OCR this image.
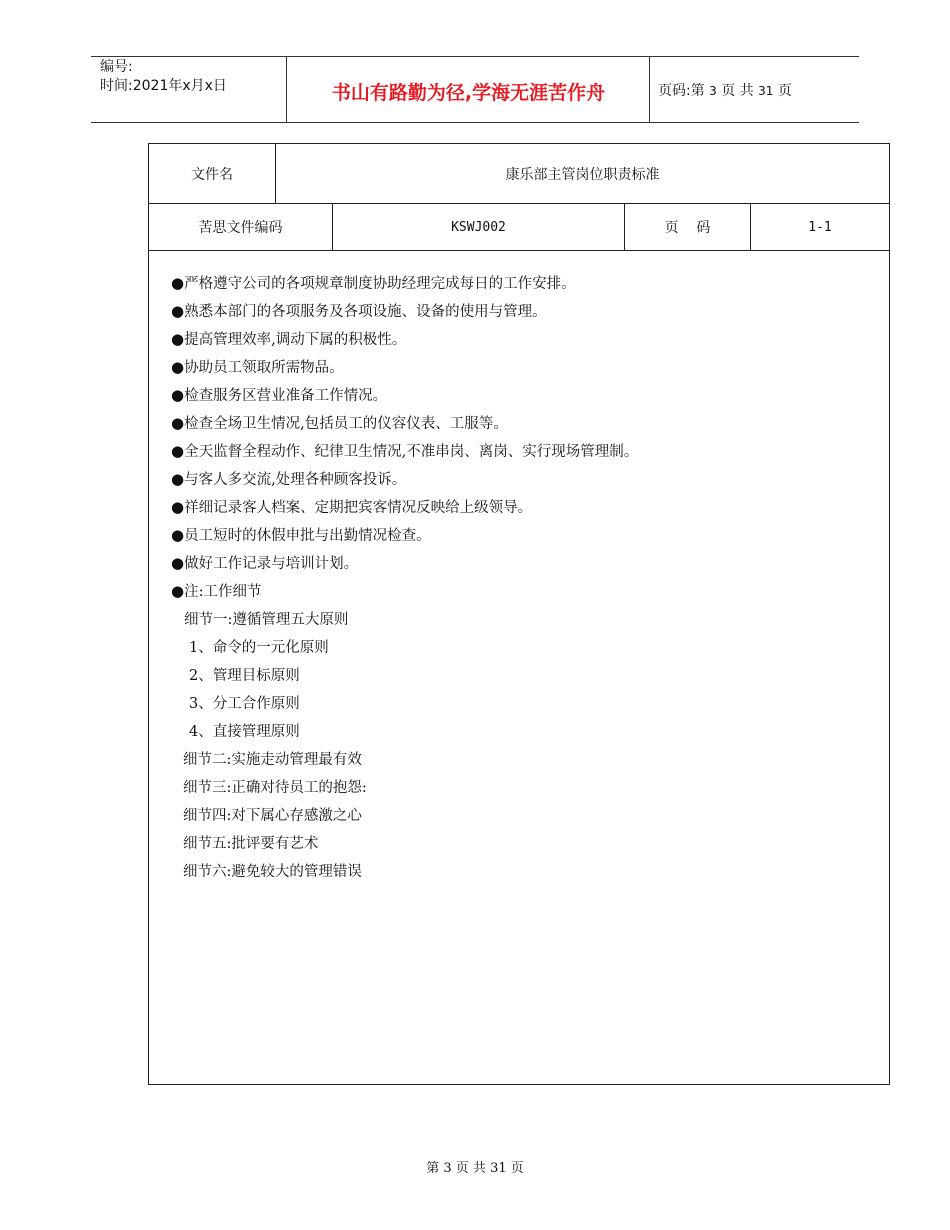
编号:
时间:2021年x月x日	书山有路勤为径,学海无涯苦作舟	页码:第 3 页 共 31 页
文件名	康乐部主管岗位职责标准
苦思文件编码	KSWJ002	页    码	1-1
●严格遵守公司的各项规章制度协助经理完成每日的工作安排。
●熟悉本部门的各项服务及各项设施、设备的使用与管理。
●提高管理效率,调动下属的积极性。
●协助员工领取所需物品。
●检查服务区营业准备工作情况。
●检查全场卫生情况,包括员工的仪容仪表、工服等。
●全天监督全程动作、纪律卫生情况,不准串岗、离岗、实行现场管理制。
●与客人多交流,处理各种顾客投诉。
●祥细记录客人档案、定期把宾客情况反映给上级领导。
●员工短时的休假申批与出勤情况检查。
●做好工作记录与培训计划。
●注:工作细节
细节一:遵循管理五大原则
1、命令的一元化原则
2、管理目标原则
3、分工合作原则
4、直接管理原则
细节二:实施走动管理最有效
细节三:正确对待员工的抱怨:
细节四:对下属心存感激之心
细节五:批评要有艺术
细节六:避免较大的管理错误
第 3 页 共 31 页
